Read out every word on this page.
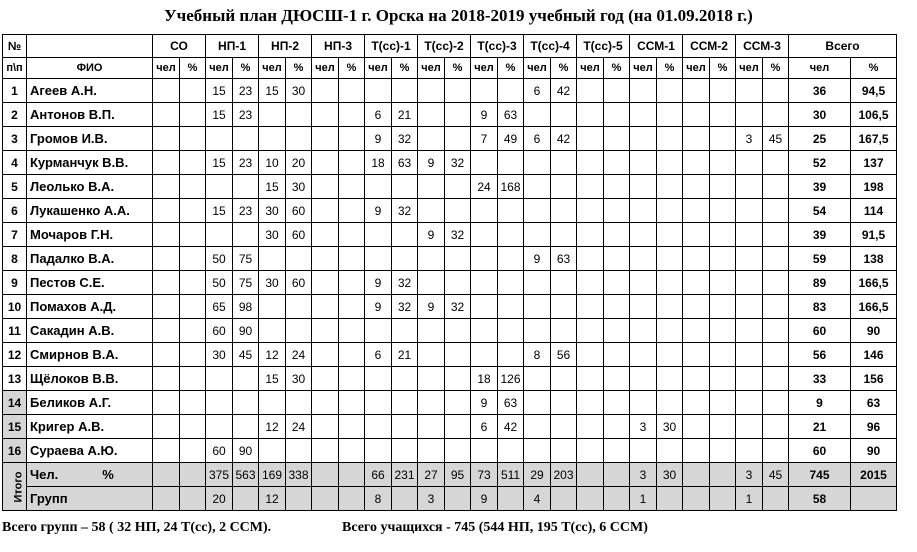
Учебный план ДЮСШ-1 г. Орска на 2018-2019 учебный год (на 01.09.2018 г.)
№		СО		НП-1		НП-2		НП-3		Т(сс)-1		Т(сс)-2		Т(сс)-3		Т(сс)-4		Т(сс)-5		ССМ-1		ССМ-2		ССМ-3		Всего	
п\п	ФИО	чел	%	чел	%	чел	%	чел	%	чел	%	чел	%	чел	%	чел	%	чел	%	чел	%	чел	%	чел	%	чел	%
1	Агеев А.Н.			15	23	15	30									6	42									36	94,5
2	Антонов В.П.			15	23					6	21			9	63											30	106,5
3	Громов И.В.									9	32			7	49	6	42							3	45	25	167,5
4	Курманчук В.В.			15	23	10	20			18	63	9	32													52	137
5	Леолько В.А.					15	30							24	168											39	198
6	Лукашенко А.А.			15	23	30	60			9	32															54	114
7	Мочаров Г.Н.					30	60					9	32													39	91,5
8	Падалко В.А.			50	75											9	63									59	138
9	Пестов С.Е.			50	75	30	60			9	32															89	166,5
10	Помахов А.Д.			65	98					9	32	9	32													83	166,5
11	Сакадин А.В.			60	90																					60	90
12	Смирнов В.А.			30	45	12	24			6	21					8	56									56	146
13	Щёлоков В.В.					15	30							18	126											33	156
14	Беликов А.Г.													9	63											9	63
15	Кригер А.В.					12	24							6	42					3	30					21	96
16	Сураева А.Ю.			60	90																					60	90
Итого	Чел. %			375	563	169	338			66	231	27	95	73	511	29	203			3	30			3	45	745	2015
	Групп			20		12				8		3		9		4				1				1		58	
Всего групп – 58 ( 32 НП, 24 Т(сс), 2 ССМ).	Всего учащихся - 745 (544 НП, 195 Т(сс), 6 ССМ)
